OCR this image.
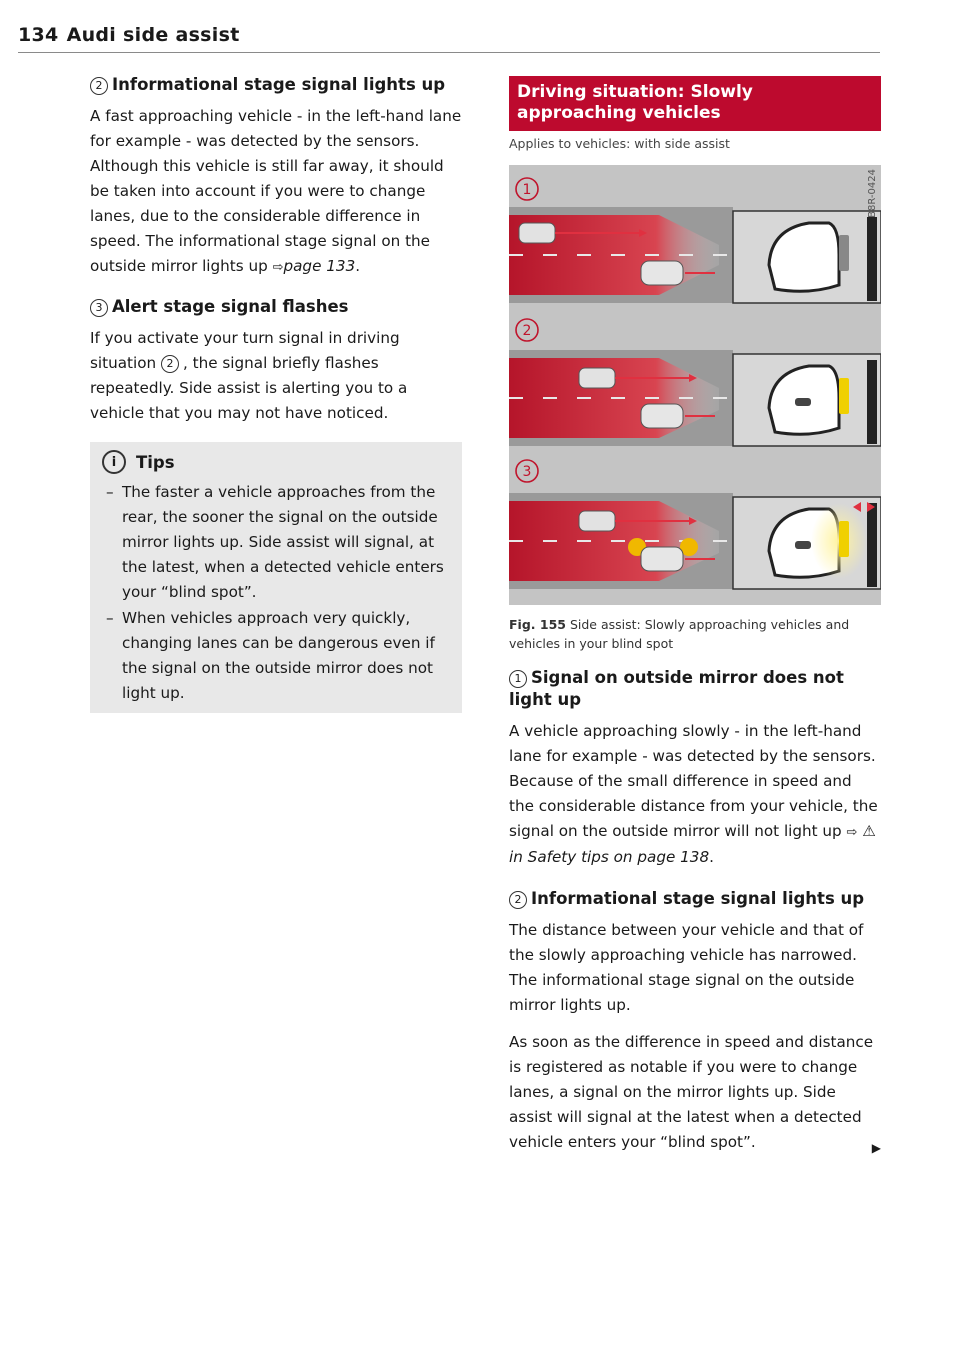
134 Audi side assist
2 Informational stage signal lights up

A fast approaching vehicle - in the left-hand lane for example - was detected by the sensors. Although this vehicle is still far away, it should be taken into account if you were to change lanes, due to the considerable difference in speed. The informational stage signal on the outside mirror lights up ⇨page 133.

3 Alert stage signal flashes

If you activate your turn signal in driving situation 2 , the signal briefly flashes repeatedly. Side assist is alerting you to a vehicle that you may not have noticed.

i	Tips
– The faster a vehicle approaches from the rear, the sooner the signal on the outside mirror lights up. Side assist will signal, at the latest, when a detected vehicle enters your “blind spot”.
– When vehicles approach very quickly, changing lanes can be dangerous even if the signal on the outside mirror does not light up.
Driving situation: Slowly approaching vehicles
Applies to vehicles: with side assist
1
2
3
B8R-0424
Fig. 155 Side assist: Slowly approaching vehicles and vehicles in your blind spot
1 Signal on outside mirror does not light up

A vehicle approaching slowly - in the left-hand lane for example - was detected by the sensors. Because of the small difference in speed and the considerable distance from your vehicle, the signal on the outside mirror will not light up ⇨ ⚠ in Safety tips on page 138.

2 Informational stage signal lights up

The distance between your vehicle and that of the slowly approaching vehicle has narrowed. The informational stage signal on the outside mirror lights up.

As soon as the difference in speed and distance is registered as notable if you were to change lanes, a signal on the mirror lights up. Side assist will signal at the latest when a detected vehicle enters your “blind spot”.	▶
